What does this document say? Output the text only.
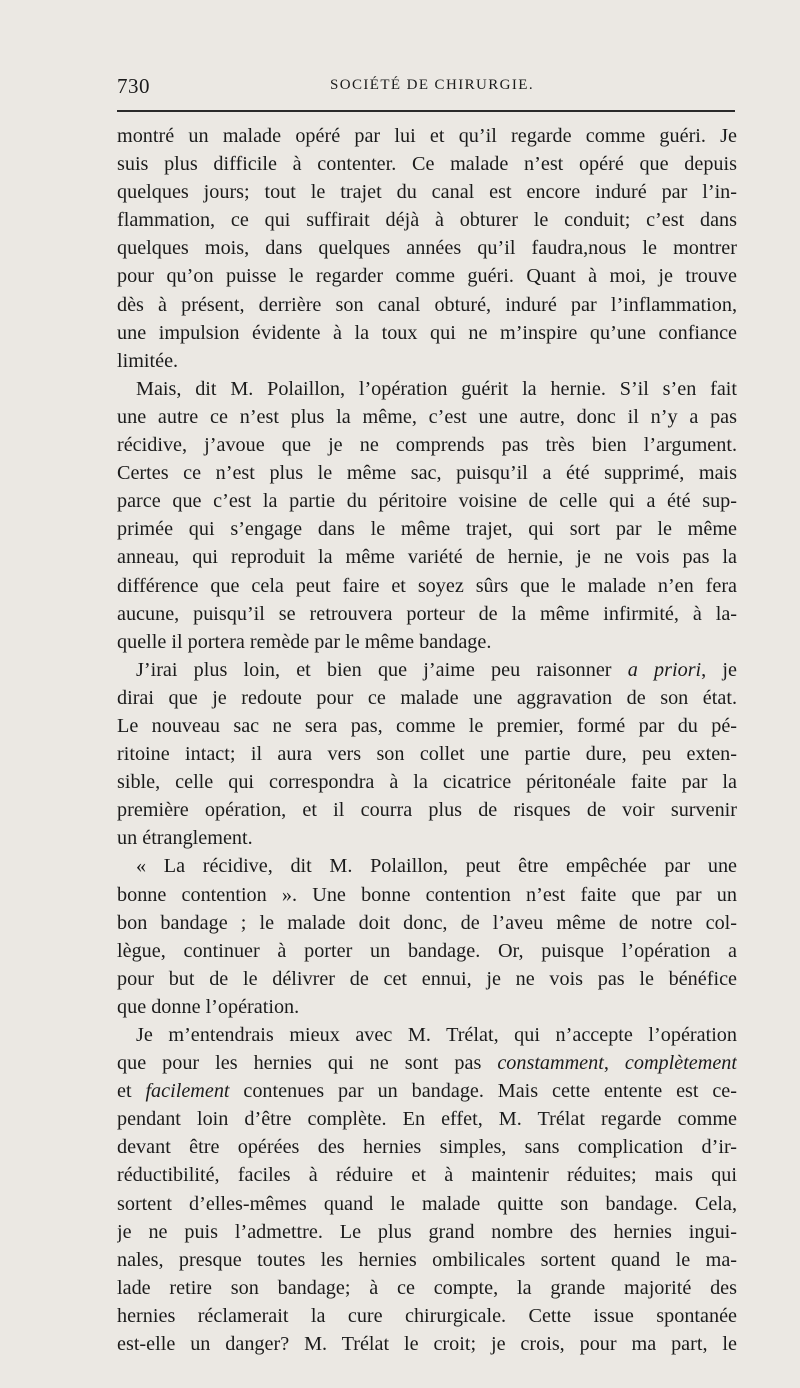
730	SOCIÉTÉ DE CHIRURGIE.
montré un malade opéré par lui et qu’il regarde comme guéri. Je
suis plus difficile à contenter. Ce malade n’est opéré que depuis
quelques jours; tout le trajet du canal est encore induré par l’in-
flammation, ce qui suffirait déjà à obturer le conduit; c’est dans
quelques mois, dans quelques années qu’il faudra,nous le montrer
pour qu’on puisse le regarder comme guéri. Quant à moi, je trouve
dès à présent, derrière son canal obturé, induré par l’inflammation,
une impulsion évidente à la toux qui ne m’inspire qu’une confiance
limitée.
Mais, dit M. Polaillon, l’opération guérit la hernie. S’il s’en fait
une autre ce n’est plus la même, c’est une autre, donc il n’y a pas
récidive, j’avoue que je ne comprends pas très bien l’argument.
Certes ce n’est plus le même sac, puisqu’il a été supprimé, mais
parce que c’est la partie du péritoire voisine de celle qui a été sup-
primée qui s’engage dans le même trajet, qui sort par le même
anneau, qui reproduit la même variété de hernie, je ne vois pas la
différence que cela peut faire et soyez sûrs que le malade n’en fera
aucune, puisqu’il se retrouvera porteur de la même infirmité, à la-
quelle il portera remède par le même bandage.
J’irai plus loin, et bien que j’aime peu raisonner a priori, je
dirai que je redoute pour ce malade une aggravation de son état.
Le nouveau sac ne sera pas, comme le premier, formé par du pé-
ritoine intact; il aura vers son collet une partie dure, peu exten-
sible, celle qui correspondra à la cicatrice péritonéale faite par la
première opération, et il courra plus de risques de voir survenir
un étranglement.
« La récidive, dit M. Polaillon, peut être empêchée par une
bonne contention ». Une bonne contention n’est faite que par un
bon bandage ; le malade doit donc, de l’aveu même de notre col-
lègue, continuer à porter un bandage. Or, puisque l’opération a
pour but de le délivrer de cet ennui, je ne vois pas le bénéfice
que donne l’opération.
Je m’entendrais mieux avec M. Trélat, qui n’accepte l’opération
que pour les hernies qui ne sont pas constamment, complètement
et facilement contenues par un bandage. Mais cette entente est ce-
pendant loin d’être complète. En effet, M. Trélat regarde comme
devant être opérées des hernies simples, sans complication d’ir-
réductibilité, faciles à réduire et à maintenir réduites; mais qui
sortent d’elles-mêmes quand le malade quitte son bandage. Cela,
je ne puis l’admettre. Le plus grand nombre des hernies ingui-
nales, presque toutes les hernies ombilicales sortent quand le ma-
lade retire son bandage; à ce compte, la grande majorité des
hernies réclamerait la cure chirurgicale. Cette issue spontanée
est-elle un danger? M. Trélat le croit; je crois, pour ma part, le
